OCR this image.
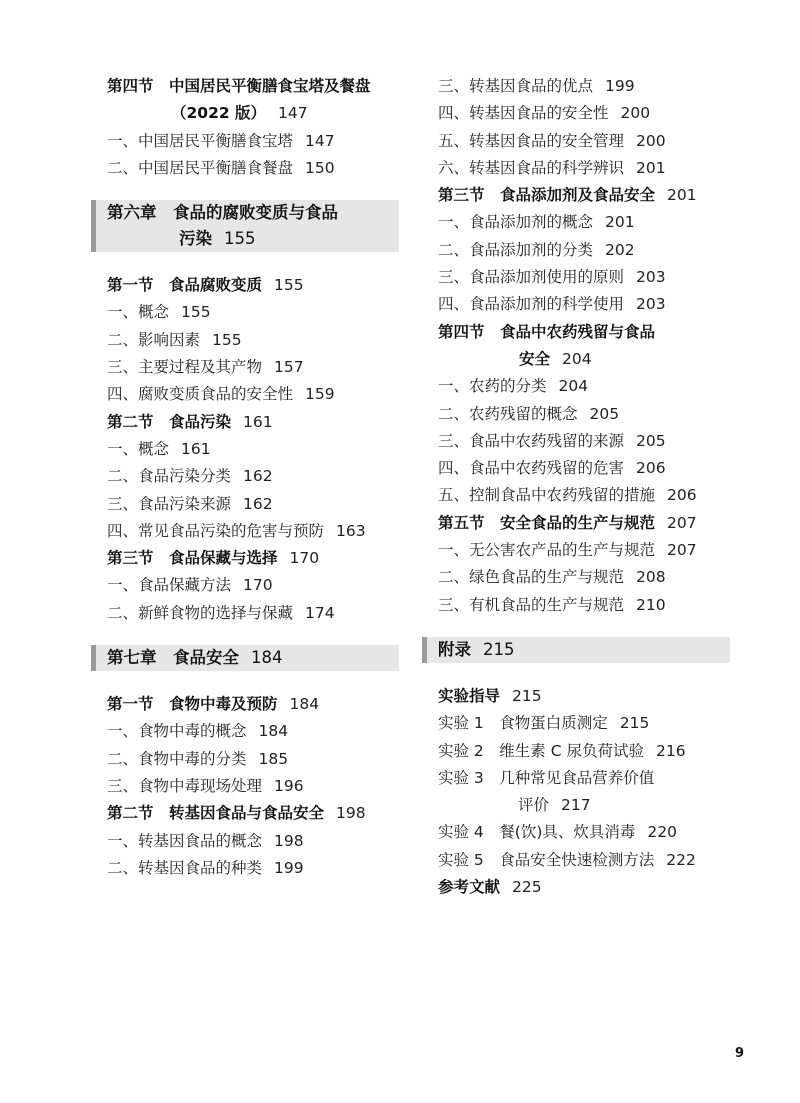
第四节　中国居民平衡膳食宝塔及餐盘
（2022 版） 147
一、中国居民平衡膳食宝塔 147
二、中国居民平衡膳食餐盘 150
第六章　食品的腐败变质与食品
污染 155
第一节　食品腐败变质 155
一、概念 155
二、影响因素 155
三、主要过程及其产物 157
四、腐败变质食品的安全性 159
第二节　食品污染 161
一、概念 161
二、食品污染分类 162
三、食品污染来源 162
四、常见食品污染的危害与预防 163
第三节　食品保藏与选择 170
一、食品保藏方法 170
二、新鲜食物的选择与保藏 174
第七章　食品安全 184
第一节　食物中毒及预防 184
一、食物中毒的概念 184
二、食物中毒的分类 185
三、食物中毒现场处理 196
第二节　转基因食品与食品安全 198
一、转基因食品的概念 198
二、转基因食品的种类 199
三、转基因食品的优点 199
四、转基因食品的安全性 200
五、转基因食品的安全管理 200
六、转基因食品的科学辨识 201
第三节　食品添加剂及食品安全 201
一、食品添加剂的概念 201
二、食品添加剂的分类 202
三、食品添加剂使用的原则 203
四、食品添加剂的科学使用 203
第四节　食品中农药残留与食品
安全 204
一、农药的分类 204
二、农药残留的概念 205
三、食品中农药残留的来源 205
四、食品中农药残留的危害 206
五、控制食品中农药残留的措施 206
第五节　安全食品的生产与规范 207
一、无公害农产品的生产与规范 207
二、绿色食品的生产与规范 208
三、有机食品的生产与规范 210
附录 215
实验指导 215
实验 1　食物蛋白质测定 215
实验 2　维生素 C 尿负荷试验 216
实验 3　几种常见食品营养价值
评价 217
实验 4　餐(饮)具、炊具消毒 220
实验 5　食品安全快速检测方法 222
参考文献 225
9
